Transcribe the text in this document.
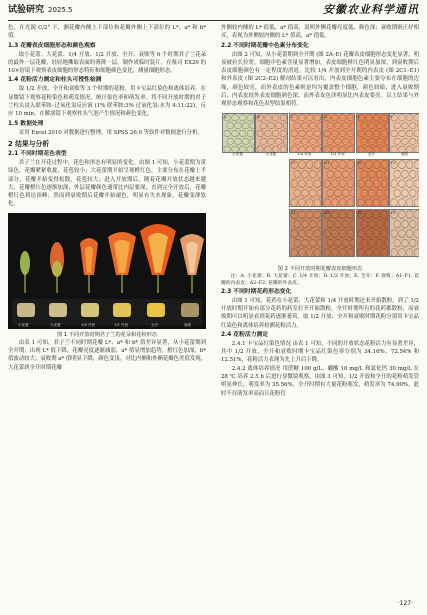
试验研究 2025.5	安徽农业科学通讯

色，在光源 C/2° 下，测花瓣内侧上下部位和花瓣外侧上下部位的 L*、a* 和 b* 值。

1.3 花瓣表皮细胞形态和颜色观察

取小花蕾、大花蕾、1/4 开放、1/2 开放、全开、衰败等 6 个时期君子兰花朵的最外一层花瓣，轻轻地撕取表面的薄薄一层，制作成临时装片，在蔡司 EX20 的 10×倍镜下观察表皮细胞的形态特征和细胞颜色变化，测量细胞形态。

1.4 花粉活力测定和柱头可授性检测

取 1/2 开放、全开和衰败等 3 个时期的花粉，用卡宝品红染色和离体培养。在显微镜下观察花粉染色和萌发情况，统计染色率和萌发率。将不同开放时期的君子兰柱头浸入联苯胺–过氧化氢反应液 (1% 联苯胺:3% 过氧化氢:水为 4:11:22)，反应 10 min，在解剖镜下观察柱头气泡产生情况和颜色变化。

1.5 数据处理

采用 Excel 2010 对数据进行整理，用 SPSS 26.0 等软件对数据进行分析。

2 结果与分析
2.1 不同时期花色表型

君子兰在开花过程中，花色和形态有明显的变化。由图 1 可知，小花蕾期为黄绿色，花瓣紧紧收拢，花苞较小；大花蕾期开始呈现橙红色，主要分布在花瓣上半部分，花瓣开始变得松散，花苞较大；进入开放期后，随着花瓣开放状态越来越大，花瓣橙红色逐渐加深，外层花瓣颜色通常比内层要深，直到完全开放后，花瓣橙红色到达顶峰；然而到衰败期后花瓣开始褪色，明显有失水现象，花瓣变薄软化。

小花蕾	大花蕾	1/4 开放	1/2 开放	全开	衰败

图 1 不同开放时期君子兰的花朵和花粉形态

由表 1 可知，君子兰不同时期花瓣 L*、a* 和 b* 值差异显著，从小花蕾期到全开期，出现 L* 值下降，花瓣亮度逐渐减弱，a* 值显增加趋势，橙红色加深，b* 值波动较大；衰败期 a* 值明显下降，颜色变浅。对比内侧和外侧花瓣色差值发现，大花蕾到全开时期花瓣

外侧较内侧的 L* 值低、a* 值高，说明外侧花瓣亮度低、颜色深；衰败期则正好相反，表现为外侧较内侧的 L* 值高，a* 值低。

2.2 不同时期花瓣中色素分布变化

由图 2 可知，从小花蕾期到全开期 (图 2A–E) 花瓣表皮细胞形态变化显著，明显被拉长拉宽，细胞中色素含量显著增加，表皮细胞橙红色明显加深，到衰败期后表皮细胞颜色有一定程度的消退。比较 1/4 开放到全开期的内表皮 (图 2C1–E1) 和外表皮 (图 2C2–E2) 解剖结果可以看出，内表皮细胞色素主要分布在细胞的边缘，颜色较亮，而外表皮的色素则是均匀覆盖整个细胞，颜色较暗；进入衰败期后，内表皮较外表皮细胞颜色深，而外表皮色泽明显比内表皮要亮。以上结果与外观形态观察和花色表型结果相符。

A
小花蕾
B
大花蕾
C
1/4 开放
D
1/2 开放
E
全开
F
衰败
C1	D1	E1	F1
C2	D2	E2	F2

图 2 不同开放时期花瓣表皮细胞形态

注：A. 小花蕾；B. 大花蕾；C. 1/4 开放；D. 1/2 开放；E. 全开；F. 衰败；A1–F1. 花瓣的内表皮；A2–F2. 花瓣的外表皮。

2.3 不同时期花药形态变化

由图 1 可知，花药在小花蕾、大花蕾和 1/4 开放时期还未开始散粉，到了 1/2 开放时期开始有部分花药的药室打开开始散粉，全开时期所有的花药都散粉，而衰败期可以明显看到花药逐渐萎蔫。取 1/2 开放、全开和衰败时期花粉分别用卡宝品红染色和离体培养检测花粉活力。

2.4 花粉活力测定

2.4.1 卡宝品红染色情况 由表 1 可知，不同的开放状态花粉活力有显著差异，其中 1/2 开放、全开和衰败时期卡宝品红染色率分别为 34.16%、72.54% 和 12.51%，花粉活力表现为先上升后下降。

2.4.2 离体培养情况 用蔗糖 100 g/L、硼酸 10 mg/L 和氯化钙 30 mg/L 在 28 ℃ 培养 2.5 h 后进行显微镜观察，由图 3 可知，1/2 开放和全开的花粉萌发管明显伸长，萌发率为 35.56%，全开时期有大量花粉萌发，萌发率为 74.90%，此时不仅萌发率高而且花粉管

·127·
